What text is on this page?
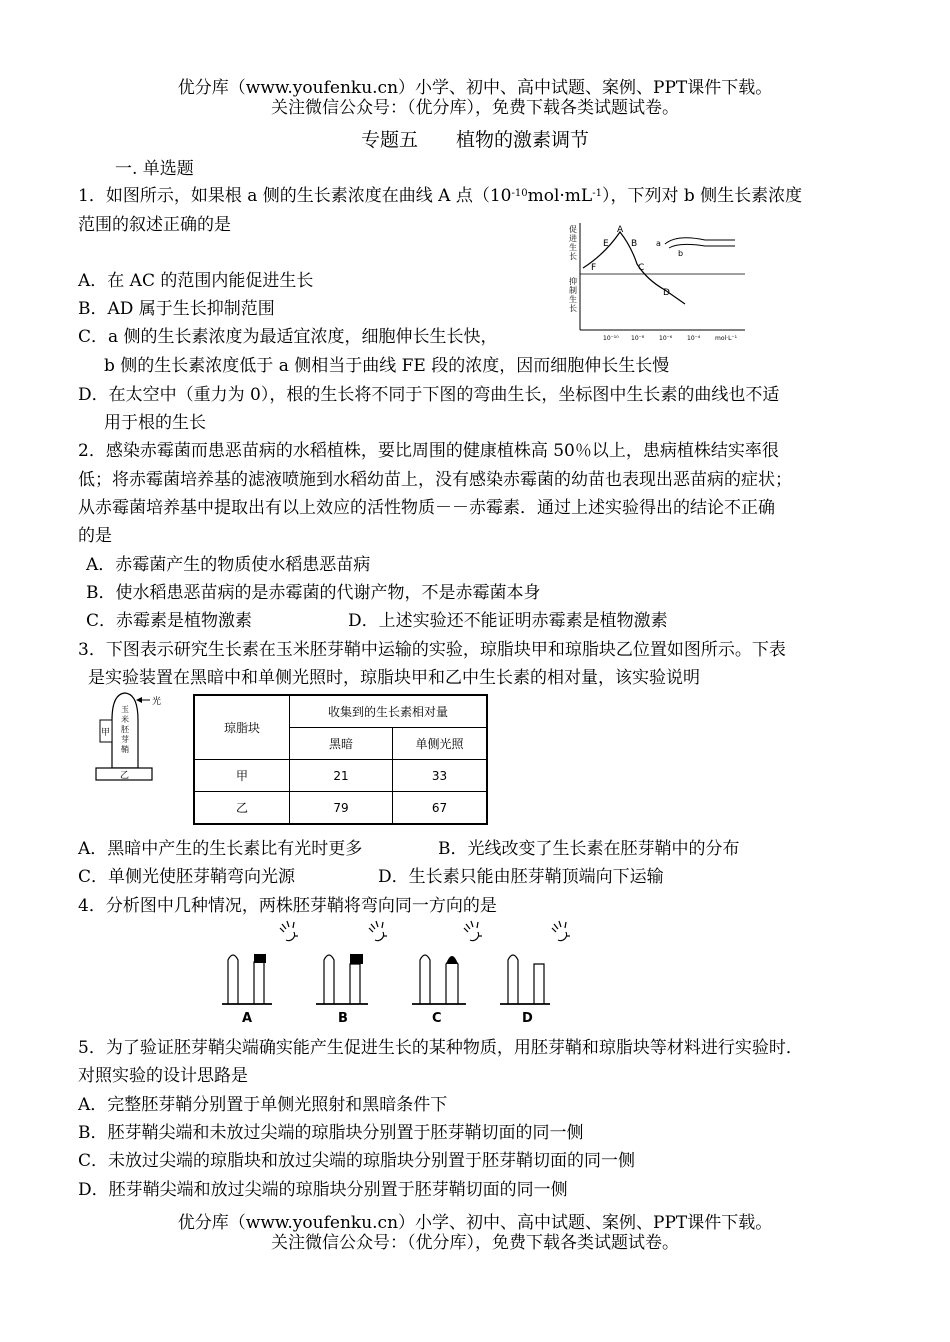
优分库（www.youfenku.cn）小学、初中、高中试题、案例、PPT课件下载。
关注微信公众号：（优分库），免费下载各类试题试卷。
专题五　　植物的激素调节
一. 单选题
1．如图所示，如果根 a 侧的生长素浓度在曲线 A 点$(10^{-10}mol\cdot mL^{-1})$，下列对 b 侧生长素浓度
范围的叙述正确的是	促进生长
抑制生长
E
A
B
F	C
D
a
b
10⁻¹⁰ 10⁻⁸ 10⁻⁶ 10⁻⁴ mol·L⁻¹
A．在 AC 的范围内能促进生长
B．AD 属于生长抑制范围
C．a 侧的生长素浓度为最适宜浓度，细胞伸长生长快，
b 侧的生长素浓度低于 a 侧相当于曲线 FE 段的浓度，因而细胞伸长生长慢
D．在太空中（重力为 0），根的生长将不同于下图的弯曲生长，坐标图中生长素的曲线也不适
用于根的生长
2．感染赤霉菌而患恶苗病的水稻植株，要比周围的健康植株高 50％以上，患病植株结实率很
低；将赤霉菌培养基的滤液喷施到水稻幼苗上，没有感染赤霉菌的幼苗也表现出恶苗病的症状；
从赤霉菌培养基中提取出有以上效应的活性物质－－赤霉素．通过上述实验得出的结论不正确
的是
A．赤霉菌产生的物质使水稻患恶苗病
B．使水稻患恶苗病的是赤霉菌的代谢产物，不是赤霉菌本身
C．赤霉素是植物激素	D．上述实验还不能证明赤霉素是植物激素
3．下图表示研究生长素在玉米胚芽鞘中运输的实验，琼脂块甲和琼脂块乙位置如图所示。下表
是实验装置在黑暗中和单侧光照时，琼脂块甲和乙中生长素的相对量，该实验说明
光
玉米胚芽鞘
甲
乙
琼脂块	收集到的生长素相对量	
	黑暗	单侧光照
甲	21	33
乙	79	67
A．黑暗中产生的生长素比有光时更多	B．光线改变了生长素在胚芽鞘中的分布
C．单侧光使胚芽鞘弯向光源	D．生长素只能由胚芽鞘顶端向下运输
4．分析图中几种情况，两株胚芽鞘将弯向同一方向的是
A	B	C	D
5．为了验证胚芽鞘尖端确实能产生促进生长的某种物质，用胚芽鞘和琼脂块等材料进行实验时．
对照实验的设计思路是
A．完整胚芽鞘分别置于单侧光照射和黑暗条件下
B．胚芽鞘尖端和未放过尖端的琼脂块分别置于胚芽鞘切面的同一侧
C．未放过尖端的琼脂块和放过尖端的琼脂块分别置于胚芽鞘切面的同一侧
D．胚芽鞘尖端和放过尖端的琼脂块分别置于胚芽鞘切面的同一侧
优分库（www.youfenku.cn）小学、初中、高中试题、案例、PPT课件下载。
关注微信公众号：（优分库），免费下载各类试题试卷。
